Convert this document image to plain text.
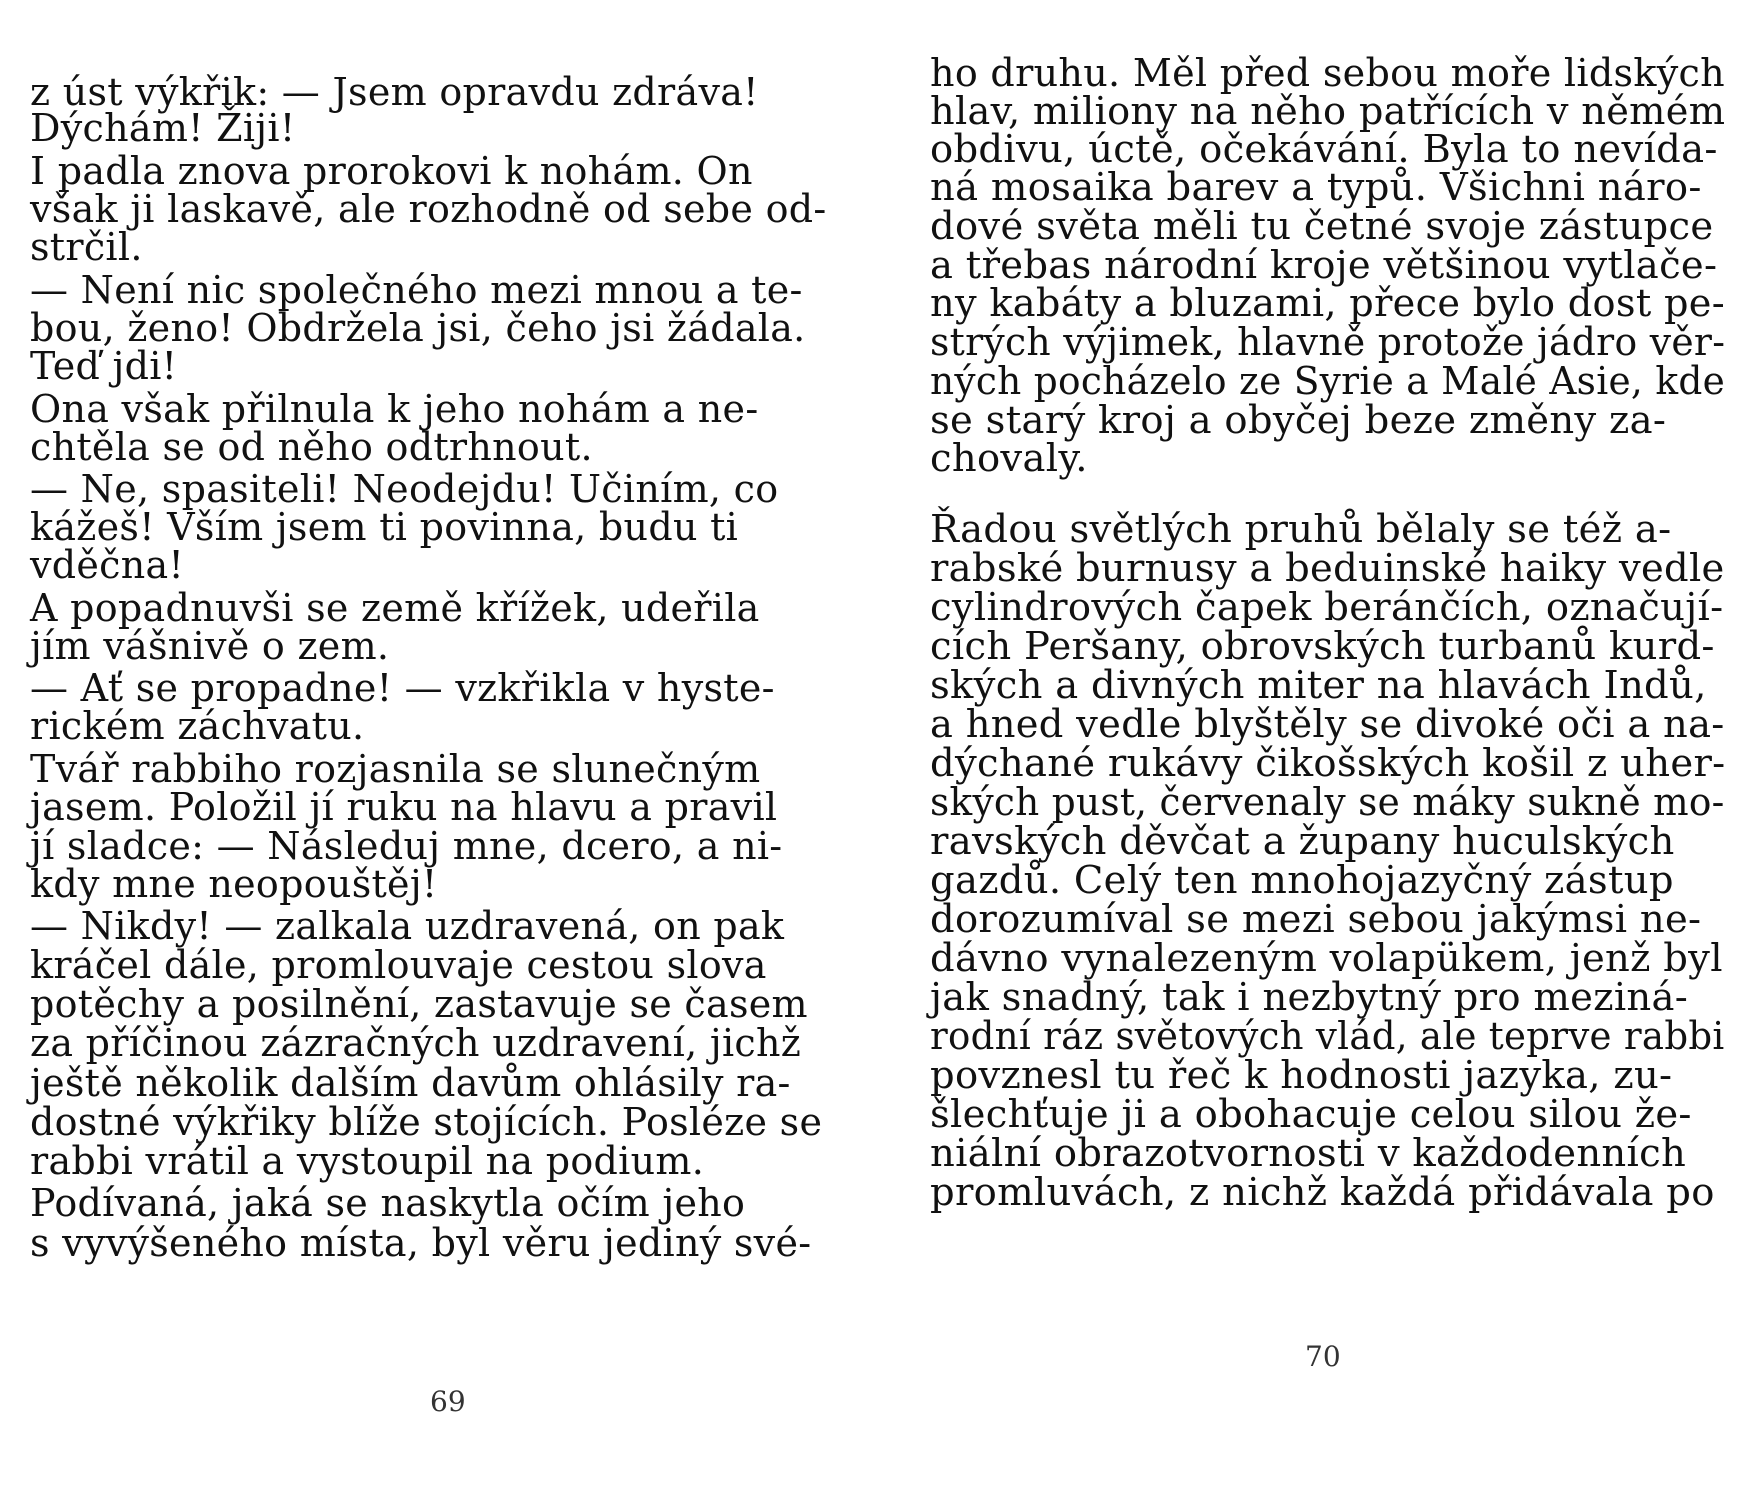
z úst výkřik: — Jsem opravdu zdráva!
Dýchám! Žiji!
I padla znova prorokovi k nohám. On
však ji laskavě, ale rozhodně od sebe od-
strčil.
— Není nic společného mezi mnou a te-
bou, ženo! Obdržela jsi, čeho jsi žádala.
Teď jdi!
Ona však přilnula k jeho nohám a ne-
chtěla se od něho odtrhnout.
— Ne, spasiteli! Neodejdu! Učiním, co
kážeš! Vším jsem ti povinna, budu ti
vděčna!
A popadnuvši se země křížek, udeřila
jím vášnivě o zem.
— Ať se propadne! — vzkřikla v hyste-
rickém záchvatu.
Tvář rabbiho rozjasnila se slunečným
jasem. Položil jí ruku na hlavu a pravil
jí sladce: — Následuj mne, dcero, a ni-
kdy mne neopouštěj!
— Nikdy! — zalkala uzdravená, on pak
kráčel dále, promlouvaje cestou slova
potěchy a posilnění, zastavuje se časem
za příčinou zázračných uzdravení, jichž
ještě několik dalším davům ohlásily ra-
dostné výkřiky blíže stojících. Posléze se
rabbi vrátil a vystoupil na podium.
Podívaná, jaká se naskytla očím jeho
s vyvýšeného místa, byl věru jediný své-
69
ho druhu. Měl před sebou moře lidských
hlav, miliony na něho patřících v němém
obdivu, úctě, očekávání. Byla to nevída-
ná mosaika barev a typů. Všichni náro-
dové světa měli tu četné svoje zástupce
a třebas národní kroje většinou vytlače-
ny kabáty a bluzami, přece bylo dost pe-
strých výjimek, hlavně protože jádro věr-
ných pocházelo ze Syrie a Malé Asie, kde
se starý kroj a obyčej beze změny za-
chovaly.
Řadou světlých pruhů bělaly se též a-
rabské burnusy a beduinské haiky vedle
cylindrových čapek beránčích, označují-
cích Peršany, obrovských turbanů kurd-
ských a divných miter na hlavách Indů,
a hned vedle blyštěly se divoké oči a na-
dýchané rukávy čikošských košil z uher-
ských pust, červenaly se máky sukně mo-
ravských děvčat a župany huculských
gazdů. Celý ten mnohojazyčný zástup
dorozumíval se mezi sebou jakýmsi ne-
dávno vynalezeným volapükem, jenž byl
jak snadný, tak i nezbytný pro meziná-
rodní ráz světových vlád, ale teprve rabbi
povznesl tu řeč k hodnosti jazyka, zu-
šlechťuje ji a obohacuje celou silou že-
niální obrazotvornosti v každodenních
promluvách, z nichž každá přidávala po
70
